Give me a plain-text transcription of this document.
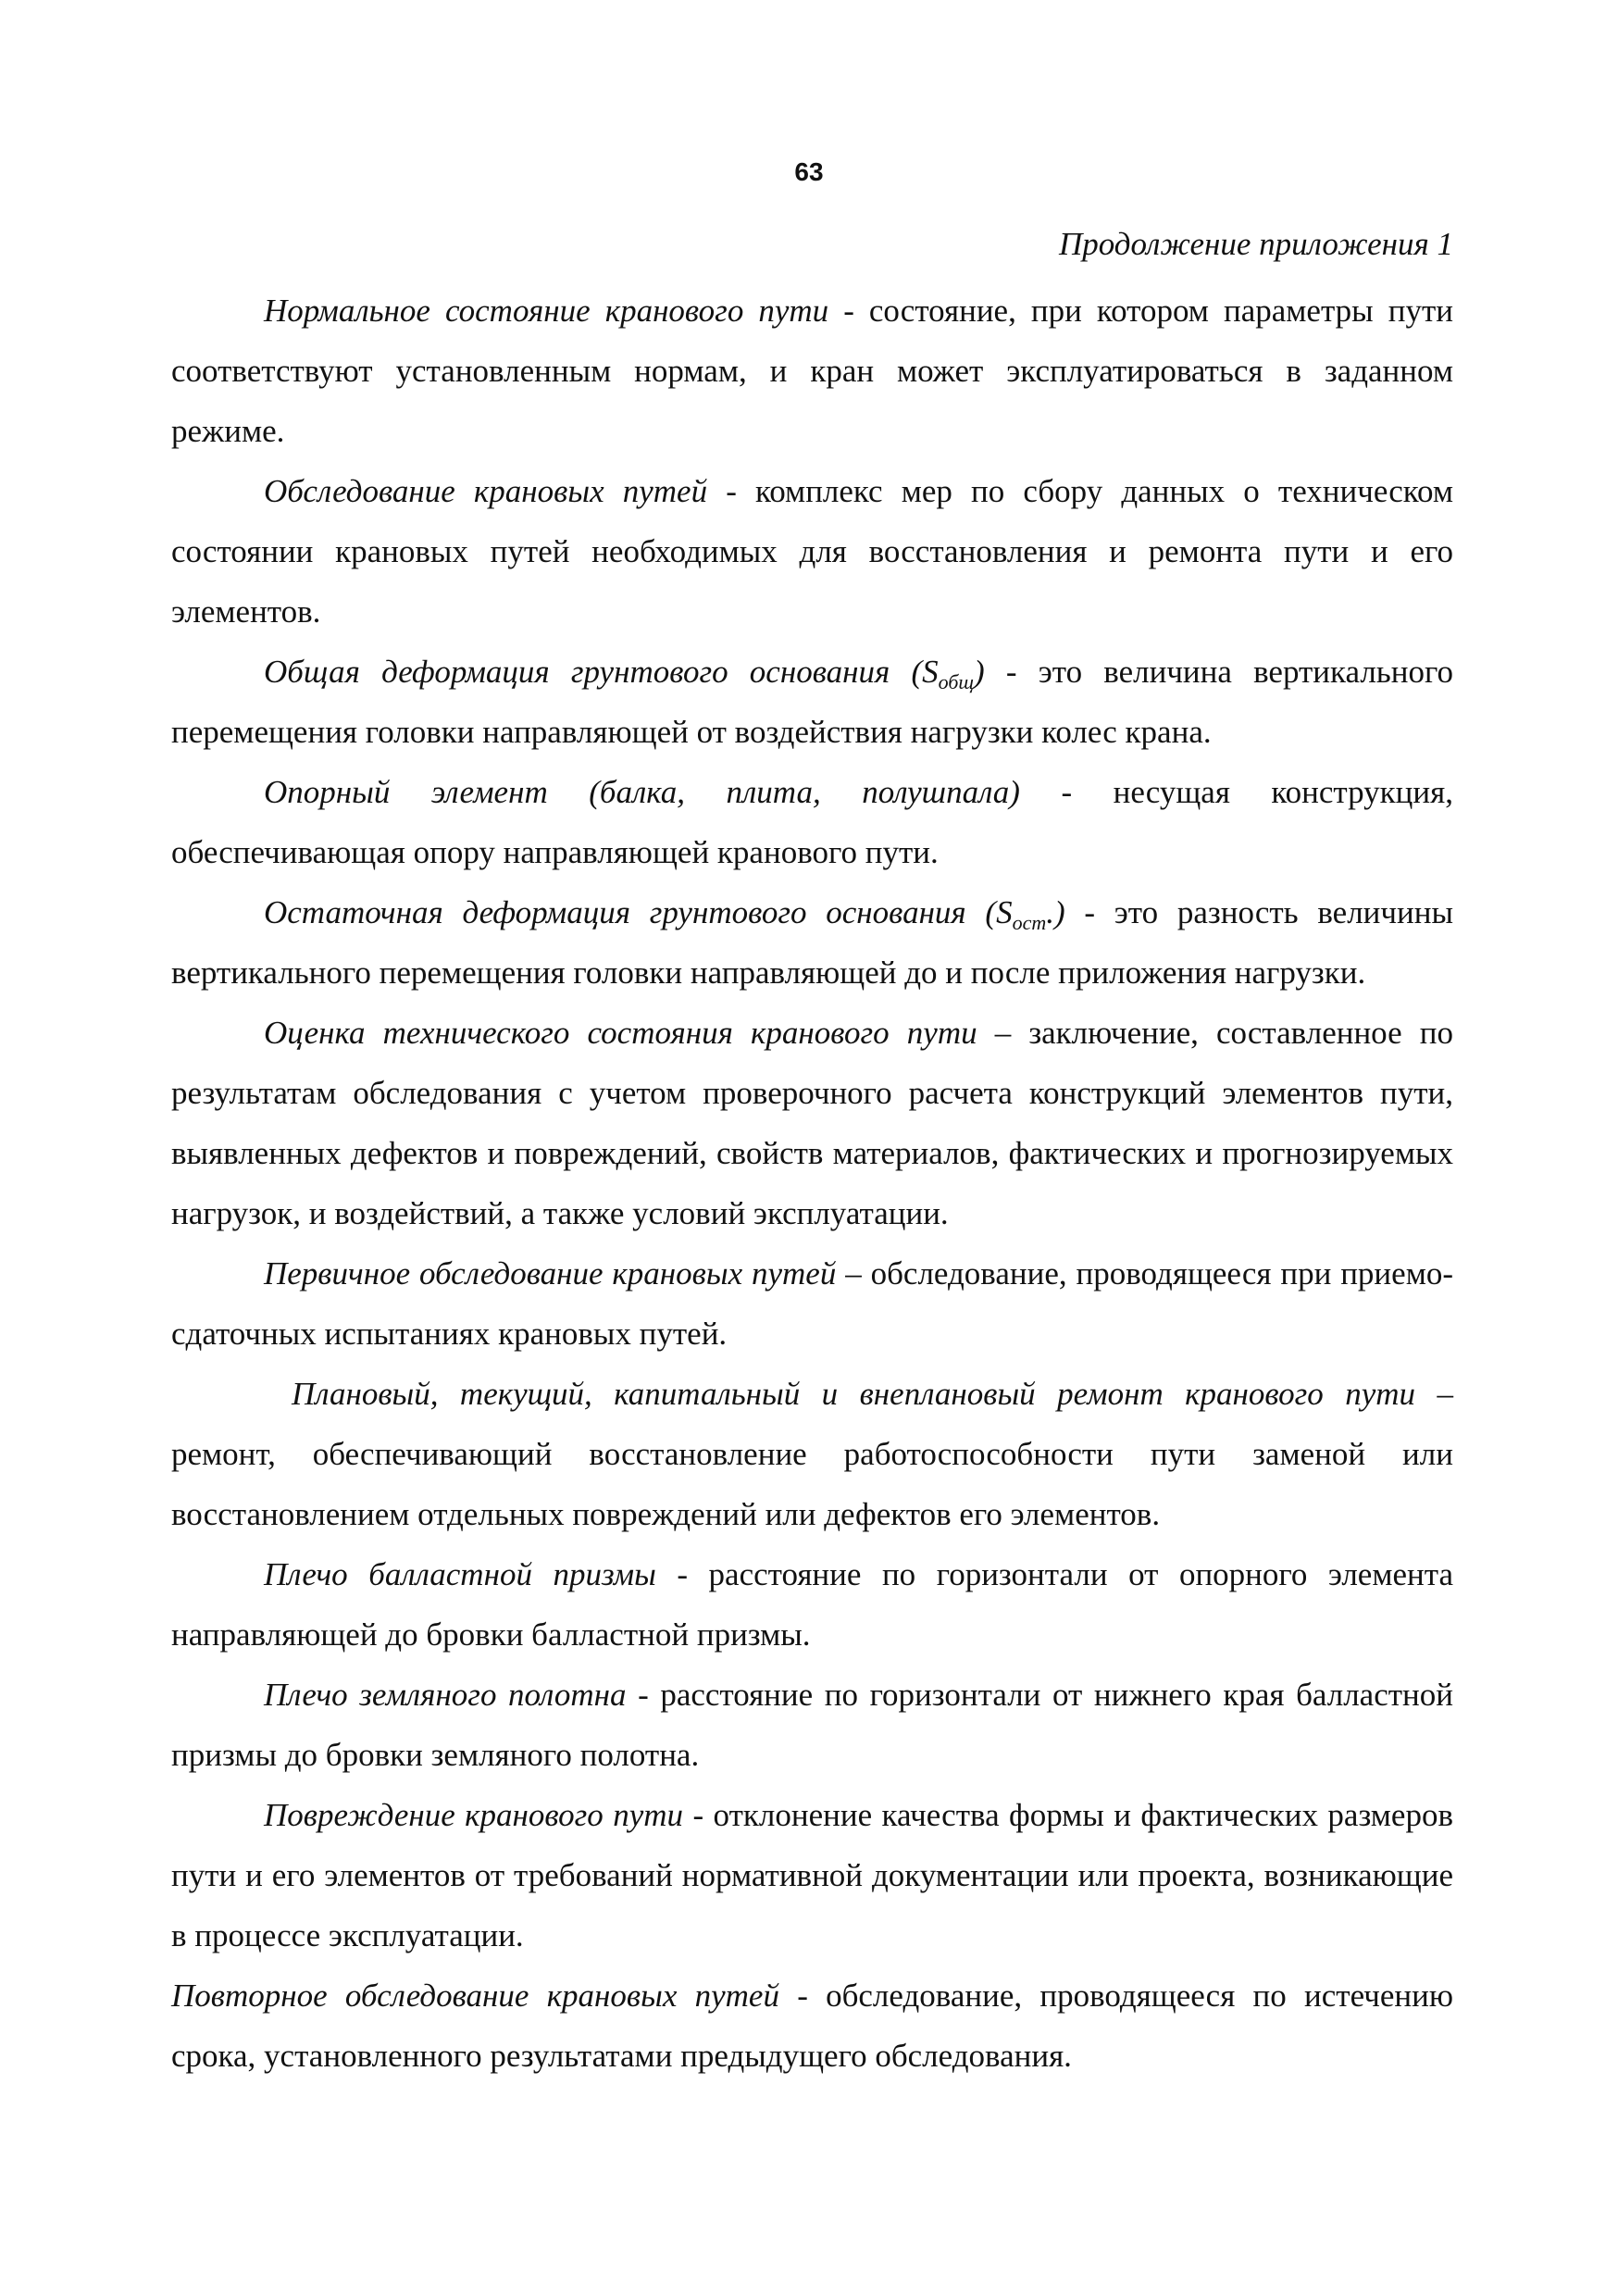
63

Продолжение приложения 1

Нормальное состояние кранового пути - состояние, при котором параметры пути соответствуют установленным нормам, и кран может эксплуатироваться в заданном режиме.

Обследование крановых путей - комплекс мер по сбору данных о техническом состоянии крановых путей необходимых для восстановления и ремонта пути и его элементов.

Общая деформация грунтового основания $(S_{общ})$ - это величина вертикального перемещения головки направляющей от воздействия нагрузки колес крана.

Опорный элемент (балка, плита, полушпала) - несущая конструкция, обеспечивающая опору направляющей кранового пути.

Остаточная деформация грунтового основания $(S_{ост}.)$ - это разность величины вертикального перемещения головки направляющей до и после приложения нагрузки.

Оценка технического состояния кранового пути – заключение, составленное по результатам обследования с учетом проверочного расчета конструкций элементов пути, выявленных дефектов и повреждений, свойств материалов, фактических и прогнозируемых нагрузок, и воздействий, а также условий эксплуатации.

Первичное обследование крановых путей – обследование, проводящееся при приемо-сдаточных испытаниях крановых путей.

Плановый, текущий, капитальный и внеплановый ремонт кранового пути – ремонт, обеспечивающий восстановление работоспособности пути заменой или восстановлением отдельных повреждений или дефектов его элементов.

Плечо балластной призмы - расстояние по горизонтали от опорного элемента направляющей до бровки балластной призмы.

Плечо земляного полотна - расстояние по горизонтали от нижнего края балластной призмы до бровки земляного полотна.

Повреждение кранового пути - отклонение качества формы и фактических размеров пути и его элементов от требований нормативной документации или проекта, возникающие в процессе эксплуатации.

Повторное обследование крановых путей - обследование, проводящееся по истечению срока, установленного результатами предыдущего обследования.
